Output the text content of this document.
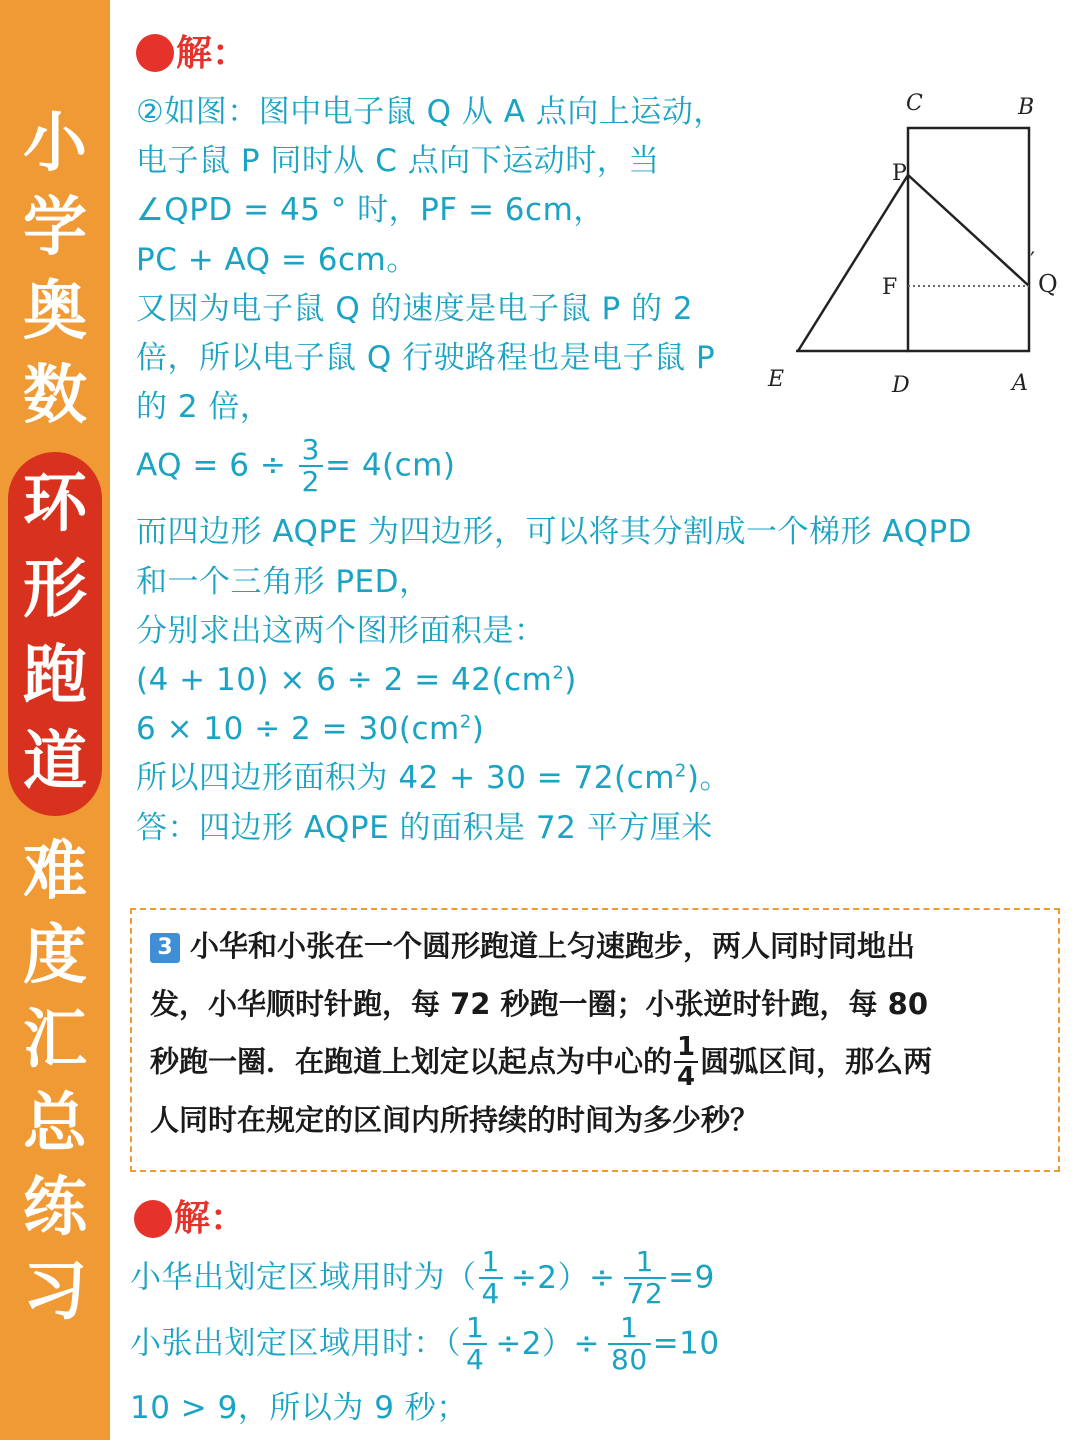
小
学
奥
数
环
形
跑
道
难
度
汇
总
练
习
解：
②如图：图中电子鼠 Q 从 A 点向上运动，
电子鼠 P 同时从 C 点向下运动时，当
∠QPD = 45 ° 时，PF = 6cm，
PC + AQ = 6cm。
又因为电子鼠 Q 的速度是电子鼠 P 的 2
倍，所以电子鼠 Q 行驶路程也是电子鼠 P
的 2 倍，
AQ = $6 \div \frac{3}{2} = 4(cm)$
而四边形 AQPE 为四边形，可以将其分割成一个梯形 AQPD
和一个三角形 PED，
分别求出这两个图形面积是：
$(4 + 10) \times 6 \div 2 = 42(cm^2)$
$6 \times 10 \div 2 = 30(cm^2)$
所以四边形面积为 $42 + 30 = 72(cm^2)$。
答：四边形 AQPE 的面积是 72 平方厘米
C	B
P
F
′
Q
E	D	A
3 小华和小张在一个圆形跑道上匀速跑步，两人同时同地出
发，小华顺时针跑，每 72 秒跑一圈；小张逆时针跑，每 80
秒跑一圈．在跑道上划定以起点为中心的 $\frac{1}{4}$ 圆弧区间，那么两
人同时在规定的区间内所持续的时间为多少秒？
解：
小华出划定区域用时为（ $\frac{1}{4} \div 2)\div \frac{1}{72} =9$
小张出划定区域用时：（ $\frac{1}{4} \div 2)\div \frac{1}{80} =10$
10 > 9，所以为 9 秒；
